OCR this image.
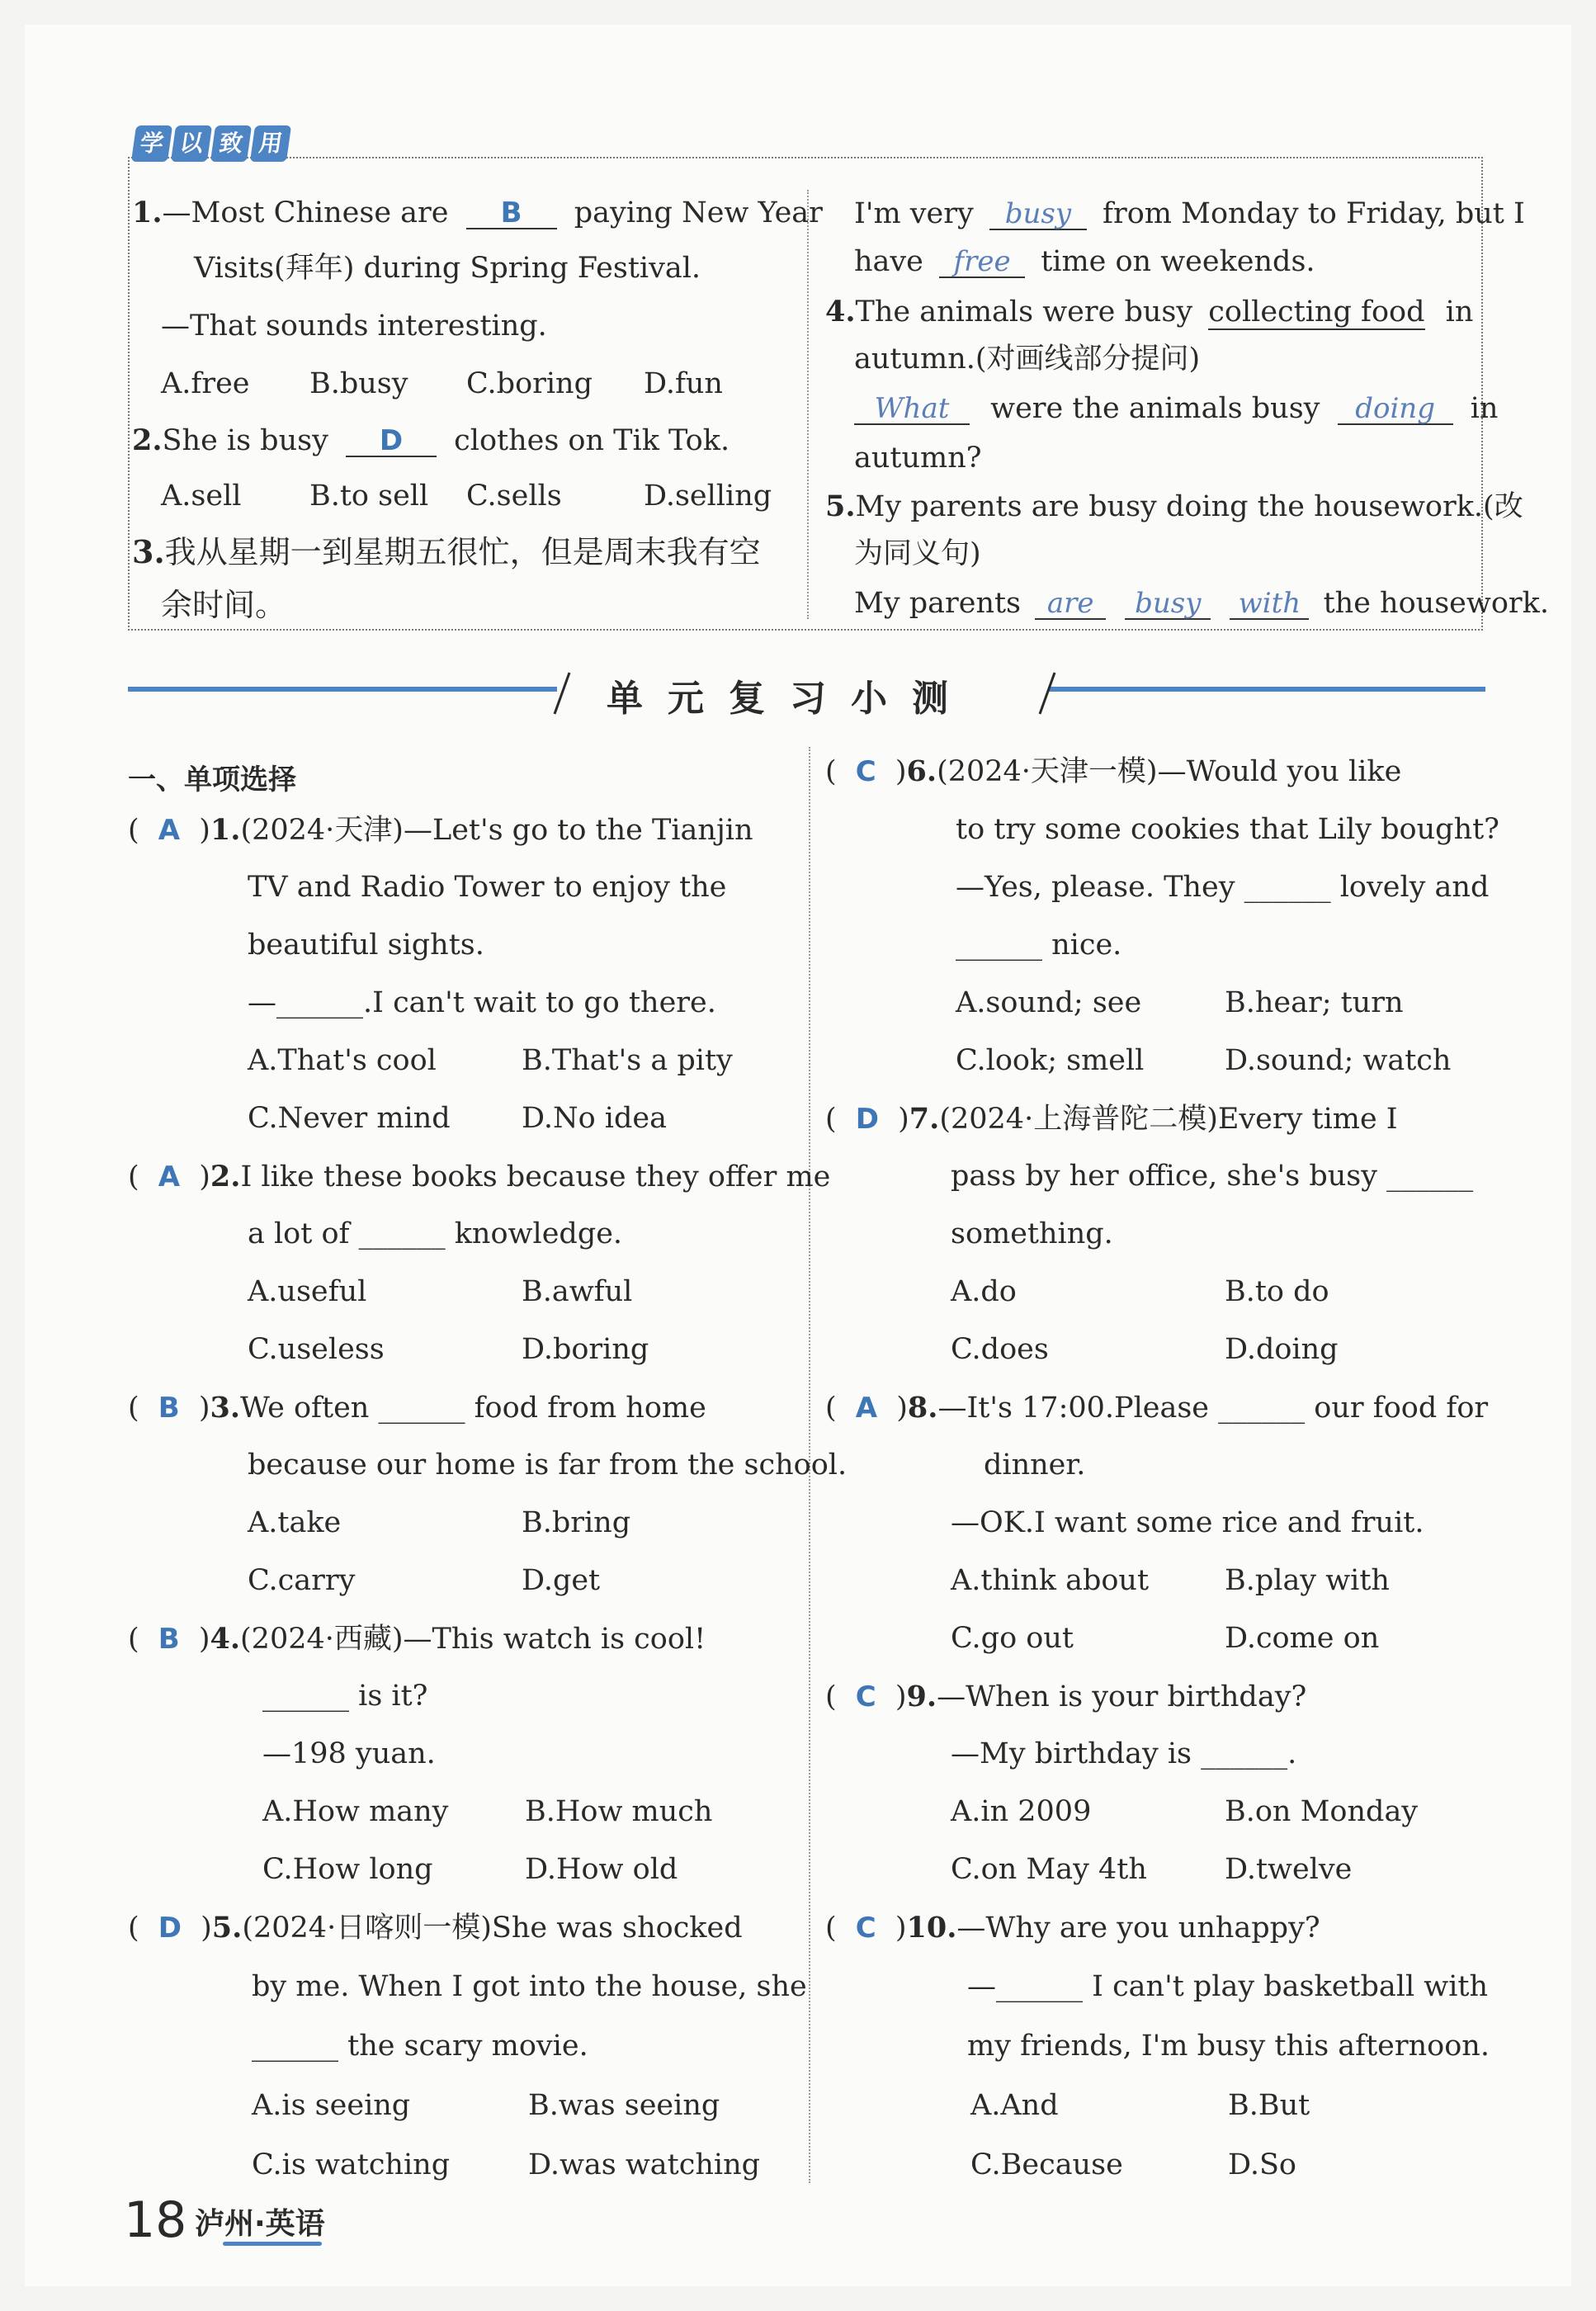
学 以 致 用
1.—Most Chinese are B paying New Year
Visits(拜年) during Spring Festival.
—That sounds interesting.
A.free B.busy C.boring D.fun
2.She is busy D clothes on Tik Tok.
A.sell B.to sell C.sells	D.selling
3.我从星期一到星期五很忙，但是周末我有空
余时间。
I'm very busy from Monday to Friday, but I
have free time on weekends.
4.The animals were busy collecting food in
autumn.(对画线部分提问)
What were the animals busy doing in
autumn?
5.My parents are busy doing the housework.(改
为同义句)
My parents are busy with the housework.
单元复习小测
一、单项选择
( A )1.(2024·天津)—Let's go to the Tianjin
TV and Radio Tower to enjoy the
beautiful sights.
—______.I can't wait to go there.
A.That's cool	B.That's a pity
C.Never mind D.No idea
( A )2.I like these books because they offer me
a lot of ______ knowledge.
A.useful	B.awful
C.useless	D.boring
( B )3.We often ______ food from home
because our home is far from the school.
A.take	B.bring
C.carry	D.get
( B )4.(2024·西藏)—This watch is cool!
______ is it?
—198 yuan.
A.How many	B.How much
C.How long	D.How old
( D )5.(2024·日喀则一模)She was shocked
by me. When I got into the house, she
______ the scary movie.
A.is seeing	B.was seeing
C.is watching	D.was watching
( C )6.(2024·天津一模)—Would you like
to try some cookies that Lily bought?
—Yes, please. They ______ lovely and
______ nice.
A.sound; see	B.hear; turn
C.look; smell	D.sound; watch
( D )7.(2024·上海普陀二模)Every time I
pass by her office, she's busy ______
something.
A.do	B.to do
C.does	D.doing
( A )8.—It's 17:00.Please ______ our food for
dinner.
—OK.I want some rice and fruit.
A.think about	B.play with
C.go out	D.come on
( C )9.—When is your birthday?
—My birthday is ______.
A.in 2009	B.on Monday
C.on May 4th	D.twelve
( C )10.—Why are you unhappy?
—______ I can't play basketball with
my friends, I'm busy this afternoon.
A.And	B.But
C.Because	D.So
18 泸州·英语
